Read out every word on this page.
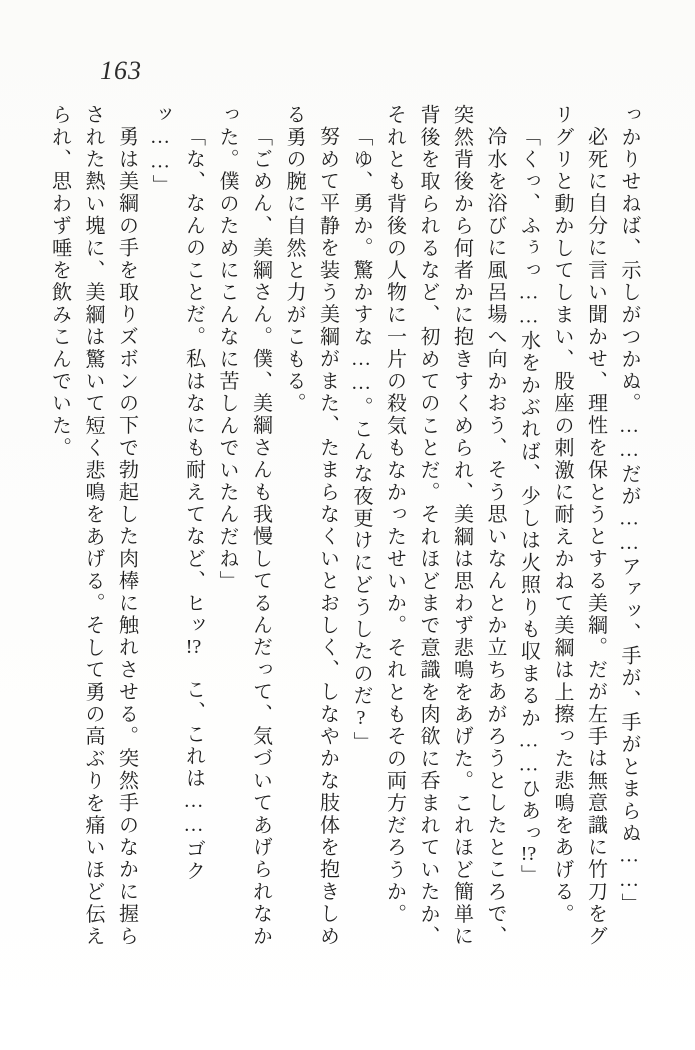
163

っかりせねば、示しがつかぬ。……だが……アァッ、手が、手がとまらぬ……」

必死に自分に言い聞かせ、理性を保とうとする美綱。だが左手は無意識に竹刀をグリグリと動かしてしまい、股座の刺激に耐えかねて美綱は上擦った悲鳴をあげる。

「くっ、ふぅっ……水をかぶれば、少しは火照りも収まるか……ひあっ!?」

冷水を浴びに風呂場へ向かおう、そう思いなんとか立ちあがろうとしたところで、突然背後から何者かに抱きすくめられ、美綱は思わず悲鳴をあげた。これほど簡単に背後を取られるなど、初めてのことだ。それほどまで意識を肉欲に呑まれていたか、それとも背後の人物に一片の殺気もなかったせいか。それともその両方だろうか。

「ゆ、勇か。驚かすな……。こんな夜更けにどうしたのだ?」

努めて平静を装う美綱がまた、たまらなくいとおしく、しなやかな肢体を抱きしめる勇の腕に自然と力がこもる。

「ごめん、美綱さん。僕、美綱さんも我慢してるんだって、気づいてあげられなかった。僕のためにこんなに苦しんでいたんだね」

「な、なんのことだ。私はなにも耐えてなど、ヒッ!?　こ、これは……ゴクッ……」

勇は美綱の手を取りズボンの下で勃起した肉棒に触れさせる。突然手のなかに握らされた熱い塊に、美綱は驚いて短く悲鳴をあげる。そして勇の高ぶりを痛いほど伝えられ、思わず唾を飲みこんでいた。
